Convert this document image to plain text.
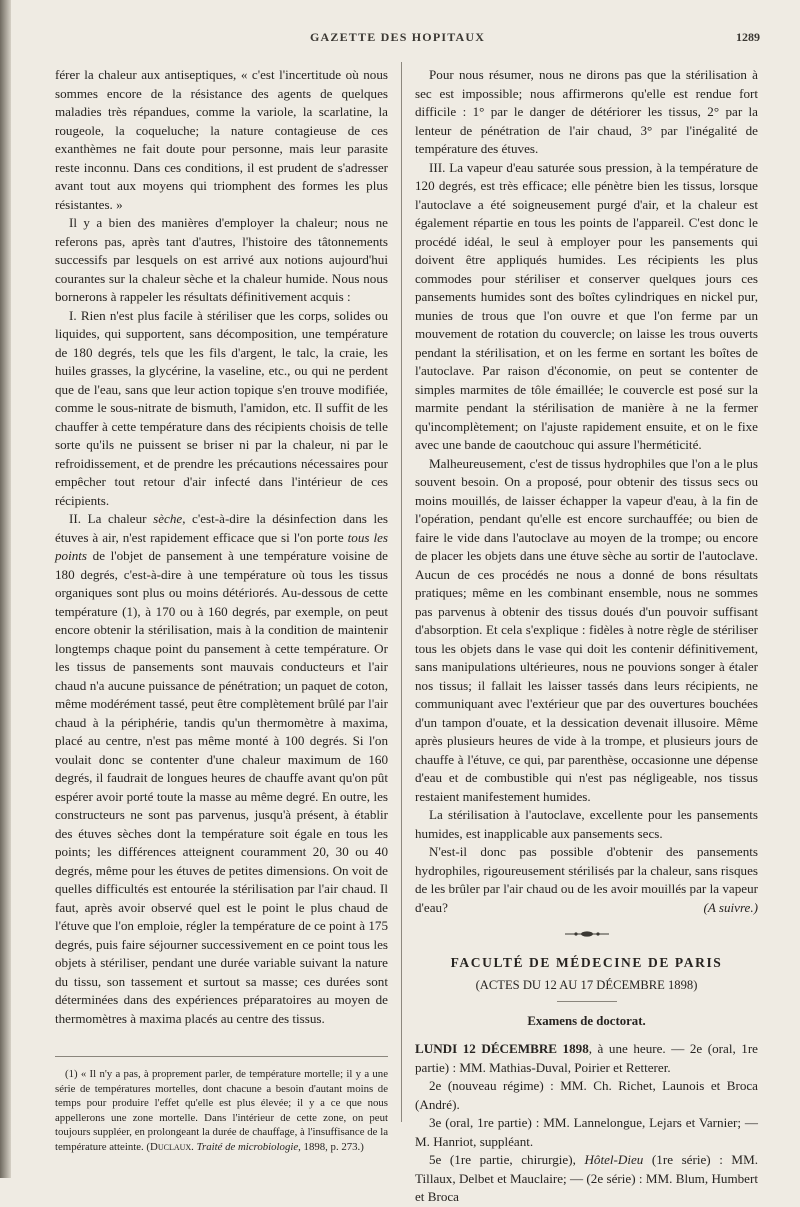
GAZETTE DES HOPITAUX	1289

férer la chaleur aux antiseptiques, « c'est l'incertitude où nous sommes encore de la résistance des agents de quelques maladies très répandues, comme la variole, la scarlatine, la rougeole, la coqueluche; la nature contagieuse de ces exanthèmes ne fait doute pour personne, mais leur parasite reste inconnu. Dans ces conditions, il est prudent de s'adresser avant tout aux moyens qui triomphent des formes les plus résistantes. »

Il y a bien des manières d'employer la chaleur; nous ne referons pas, après tant d'autres, l'histoire des tâtonnements successifs par lesquels on est arrivé aux notions aujourd'hui courantes sur la chaleur sèche et la chaleur humide. Nous nous bornerons à rappeler les résultats définitivement acquis :

I. Rien n'est plus facile à stériliser que les corps, solides ou liquides, qui supportent, sans décomposition, une température de 180 degrés, tels que les fils d'argent, le talc, la craie, les huiles grasses, la glycérine, la vaseline, etc., ou qui ne perdent que de l'eau, sans que leur action topique s'en trouve modifiée, comme le sous-nitrate de bismuth, l'amidon, etc. Il suffit de les chauffer à cette température dans des récipients choisis de telle sorte qu'ils ne puissent se briser ni par la chaleur, ni par le refroidissement, et de prendre les précautions nécessaires pour empêcher tout retour d'air infecté dans l'intérieur de ces récipients.

II. La chaleur sèche, c'est-à-dire la désinfection dans les étuves à air, n'est rapidement efficace que si l'on porte tous les points de l'objet de pansement à une température voisine de 180 degrés, c'est-à-dire à une température où tous les tissus organiques sont plus ou moins détériorés. Au-dessous de cette température (1), à 170 ou à 160 degrés, par exemple, on peut encore obtenir la stérilisation, mais à la condition de maintenir longtemps chaque point du pansement à cette température. Or les tissus de pansements sont mauvais conducteurs et l'air chaud n'a aucune puissance de pénétration; un paquet de coton, même modérément tassé, peut être complètement brûlé par l'air chaud à la périphérie, tandis qu'un thermomètre à maxima, placé au centre, n'est pas même monté à 100 degrés. Si l'on voulait donc se contenter d'une chaleur maximum de 160 degrés, il faudrait de longues heures de chauffe avant qu'on pût espérer avoir porté toute la masse au même degré. En outre, les constructeurs ne sont pas parvenus, jusqu'à présent, à établir des étuves sèches dont la température soit égale en tous les points; les différences atteignent couramment 20, 30 ou 40 degrés, même pour les étuves de petites dimensions. On voit de quelles difficultés est entourée la stérilisation par l'air chaud. Il faut, après avoir observé quel est le point le plus chaud de l'étuve que l'on emploie, régler la température de ce point à 175 degrés, puis faire séjourner successivement en ce point tous les objets à stériliser, pendant une durée variable suivant la nature du tissu, son tassement et surtout sa masse; ces durées sont déterminées dans des expériences préparatoires au moyen de thermomètres à maxima placés au centre des tissus.

(1) « Il n'y a pas, à proprement parler, de température mortelle; il y a une série de températures mortelles, dont chacune a besoin d'autant moins de temps pour produire l'effet qu'elle est plus élevée; il y a ce que nous appellerons une zone mortelle. Dans l'intérieur de cette zone, on peut toujours suppléer, en prolongeant la durée de chauffage, à l'insuffisance de la température atteinte. (Duclaux. Traité de microbiologie, 1898, p. 273.)

Pour nous résumer, nous ne dirons pas que la stérilisation à sec est impossible; nous affirmerons qu'elle est rendue fort difficile : 1° par le danger de détériorer les tissus, 2° par la lenteur de pénétration de l'air chaud, 3° par l'inégalité de température des étuves.

III. La vapeur d'eau saturée sous pression, à la température de 120 degrés, est très efficace; elle pénètre bien les tissus, lorsque l'autoclave a été soigneusement purgé d'air, et la chaleur est également répartie en tous les points de l'appareil. C'est donc le procédé idéal, le seul à employer pour les pansements qui doivent être appliqués humides. Les récipients les plus commodes pour stériliser et conserver quelques jours ces pansements humides sont des boîtes cylindriques en nickel pur, munies de trous que l'on ouvre et que l'on ferme par un mouvement de rotation du couvercle; on laisse les trous ouverts pendant la stérilisation, et on les ferme en sortant les boîtes de l'autoclave. Par raison d'économie, on peut se contenter de simples marmites de tôle émaillée; le couvercle est posé sur la marmite pendant la stérilisation de manière à ne la fermer qu'incomplètement; on l'ajuste rapidement ensuite, et on le fixe avec une bande de caoutchouc qui assure l'herméticité.

Malheureusement, c'est de tissus hydrophiles que l'on a le plus souvent besoin. On a proposé, pour obtenir des tissus secs ou moins mouillés, de laisser échapper la vapeur d'eau, à la fin de l'opération, pendant qu'elle est encore surchauffée; ou bien de faire le vide dans l'autoclave au moyen de la trompe; ou encore de placer les objets dans une étuve sèche au sortir de l'autoclave. Aucun de ces procédés ne nous a donné de bons résultats pratiques; même en les combinant ensemble, nous ne sommes pas parvenus à obtenir des tissus doués d'un pouvoir suffisant d'absorption. Et cela s'explique : fidèles à notre règle de stériliser tous les objets dans le vase qui doit les contenir définitivement, sans manipulations ultérieures, nous ne pouvions songer à étaler nos tissus; il fallait les laisser tassés dans leurs récipients, ne communiquant avec l'extérieur que par des ouvertures bouchées d'un tampon d'ouate, et la dessication devenait illusoire. Même après plusieurs heures de vide à la trompe, et plusieurs jours de chauffe à l'étuve, ce qui, par parenthèse, occasionne une dépense d'eau et de combustible qui n'est pas négligeable, nos tissus restaient manifestement humides.

La stérilisation à l'autoclave, excellente pour les pansements humides, est inapplicable aux pansements secs.

N'est-il donc pas possible d'obtenir des pansements hydrophiles, rigoureusement stérilisés par la chaleur, sans risques de les brûler par l'air chaud ou de les avoir mouillés par la vapeur d'eau?	(A suivre.)

FACULTÉ DE MÉDECINE DE PARIS
(ACTES DU 12 AU 17 DÉCEMBRE 1898)
Examens de doctorat.

LUNDI 12 DÉCEMBRE 1898, à une heure. — 2e (oral, 1re partie) : MM. Mathias-Duval, Poirier et Retterer.

2e (nouveau régime) : MM. Ch. Richet, Launois et Broca (André).

3e (oral, 1re partie) : MM. Lannelongue, Lejars et Varnier; — M. Hanriot, suppléant.

5e (1re partie, chirurgie), Hôtel-Dieu (1re série) : MM. Tillaux, Delbet et Mauclaire; — (2e série) : MM. Blum, Humbert et Broca
